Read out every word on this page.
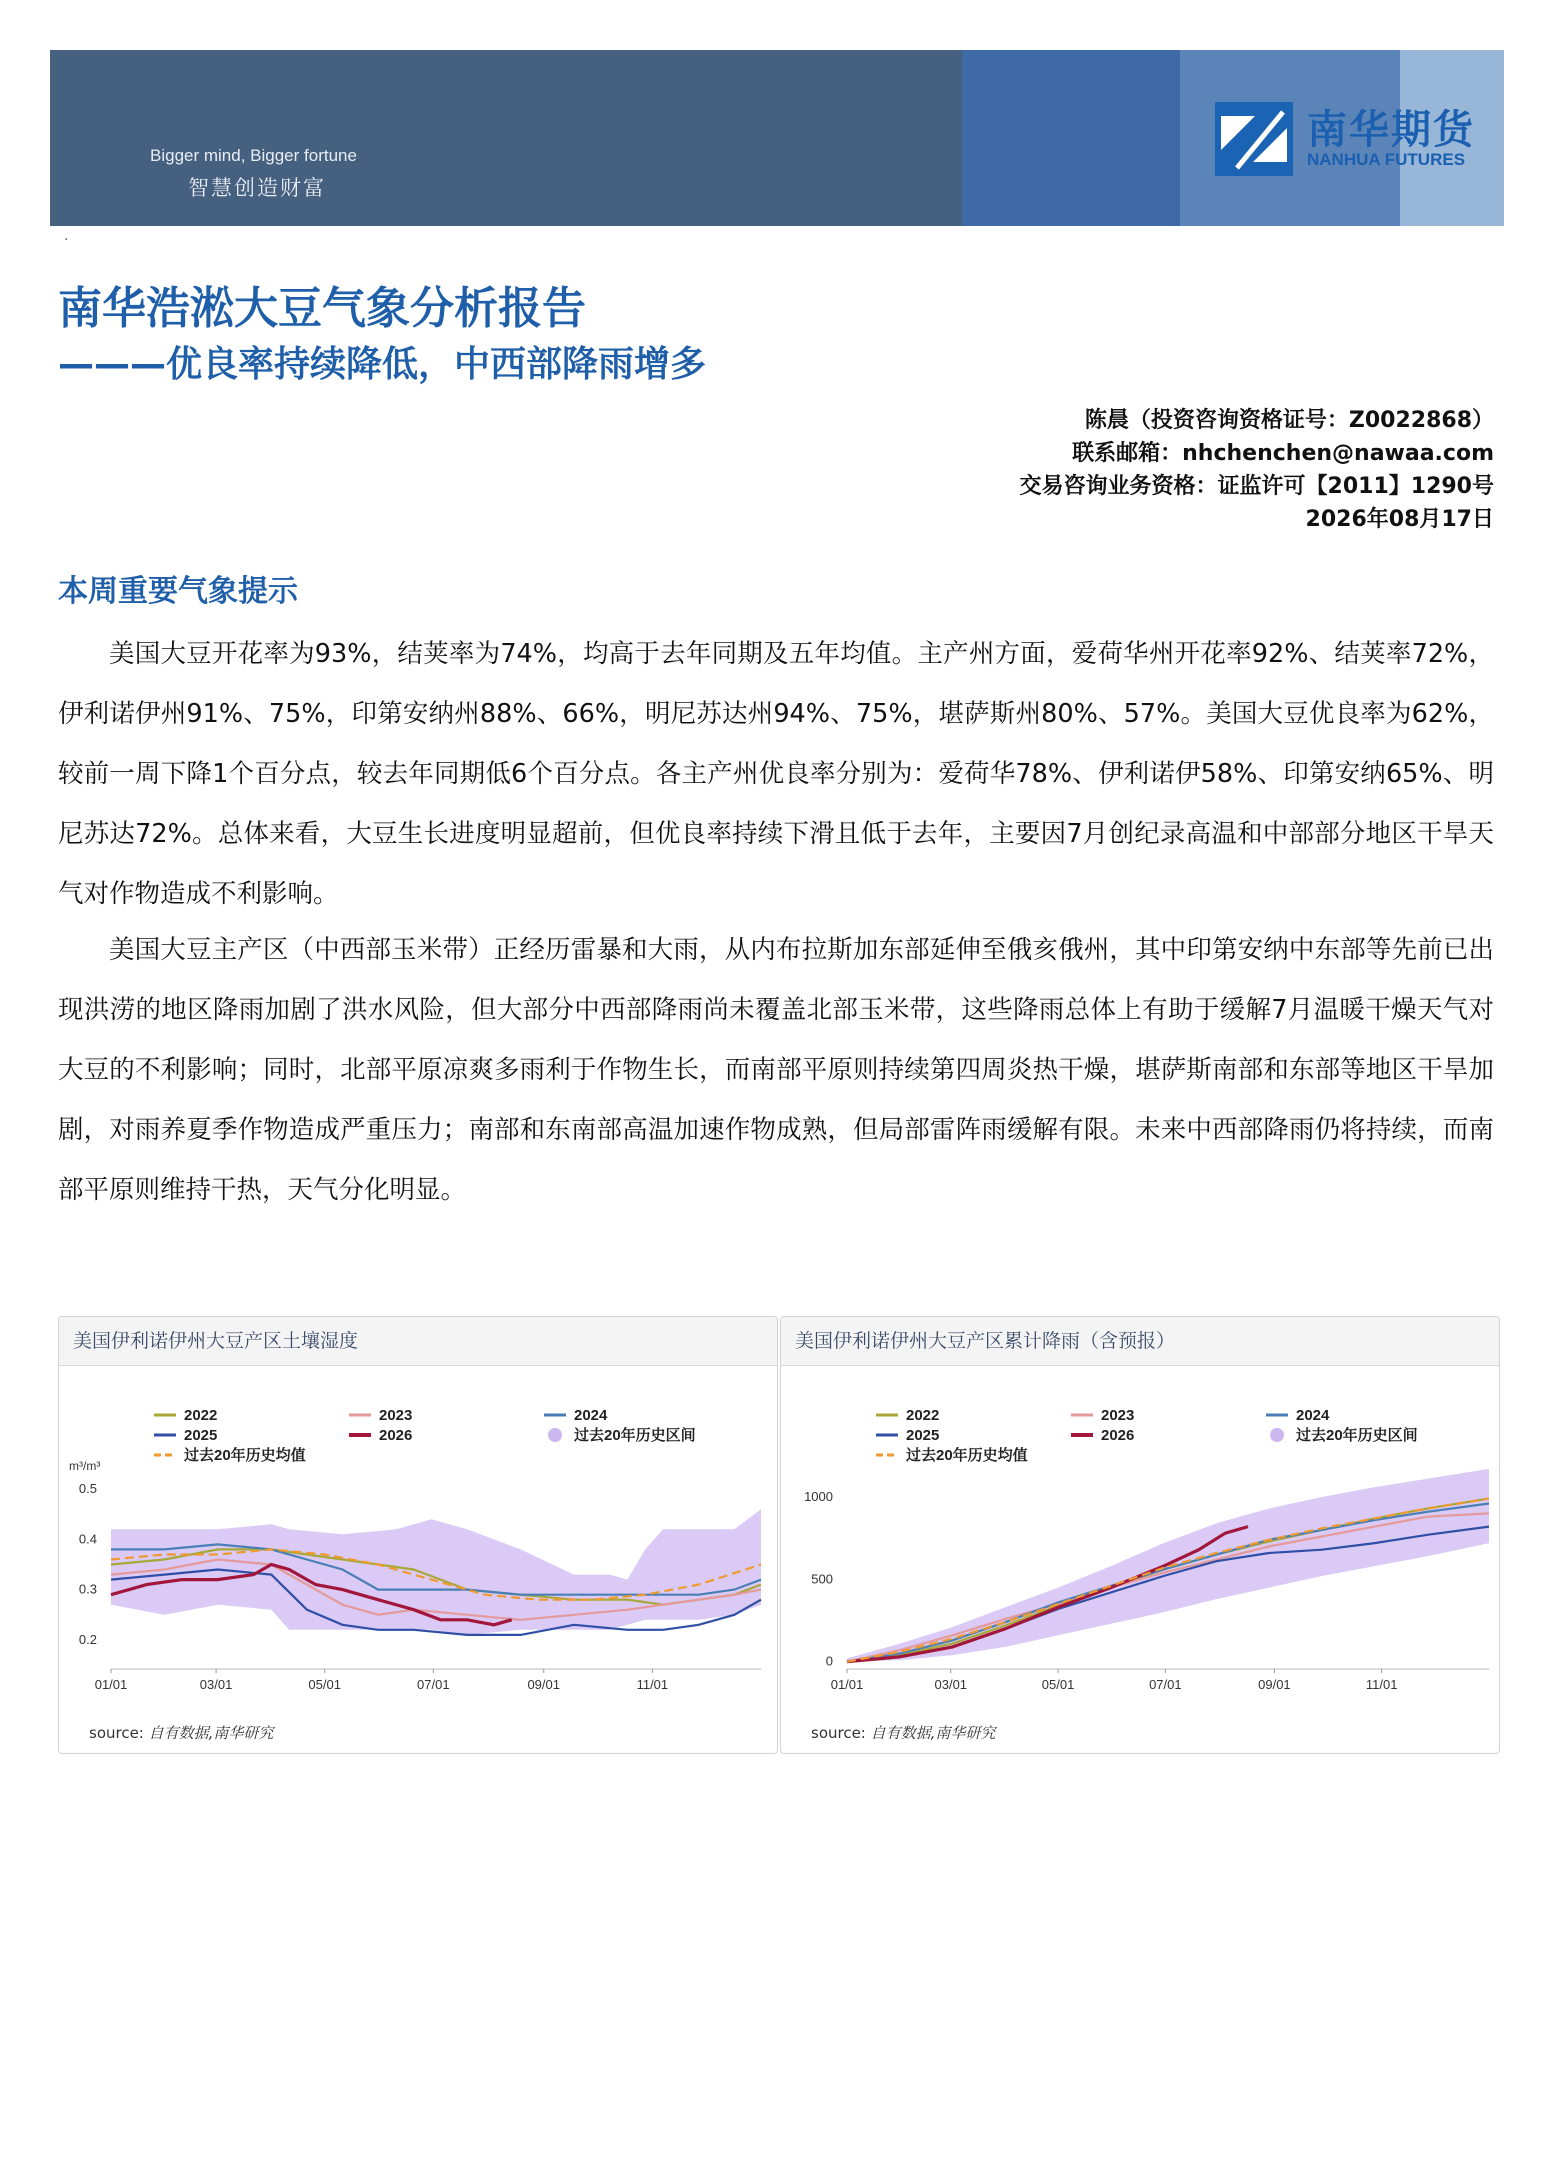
Bigger mind, Bigger fortune
智慧创造财富
南华期货
NANHUA FUTURES
·
南华浩淞大豆气象分析报告
———优良率持续降低，中西部降雨增多
陈晨（投资咨询资格证号：Z0022868）
联系邮箱：nhchenchen@nawaa.com
交易咨询业务资格：证监许可【2011】1290号
2026年08月17日
本周重要气象提示
美国大豆开花率为93%，结荚率为74%，均高于去年同期及五年均值。主产州方面，爱荷华州开花率92%、结荚率72%，伊利诺伊州91%、75%，印第安纳州88%、66%，明尼苏达州94%、75%，堪萨斯州80%、57%。美国大豆优良率为62%，较前一周下降1个百分点，较去年同期低6个百分点。各主产州优良率分别为：爱荷华78%、伊利诺伊58%、印第安纳65%、明尼苏达72%。总体来看，大豆生长进度明显超前，但优良率持续下滑且低于去年，主要因7月创纪录高温和中部部分地区干旱天气对作物造成不利影响。
美国大豆主产区（中西部玉米带）正经历雷暴和大雨，从内布拉斯加东部延伸至俄亥俄州，其中印第安纳中东部等先前已出现洪涝的地区降雨加剧了洪水风险，但大部分中西部降雨尚未覆盖北部玉米带，这些降雨总体上有助于缓解7月温暖干燥天气对大豆的不利影响；同时，北部平原凉爽多雨利于作物生长，而南部平原则持续第四周炎热干燥，堪萨斯南部和东部等地区干旱加剧，对雨养夏季作物造成严重压力；南部和东南部高温加速作物成熟，但局部雷阵雨缓解有限。未来中西部降雨仍将持续，而南部平原则维持干热，天气分化明显。
美国伊利诺伊州大豆产区土壤湿度
2022	2023	2024
2025	2026	过去20年历史区间
过去20年历史均值
m³/m³
0.2
0.3
0.4
0.5
01/01	03/01	05/01	07/01	09/01	11/01
source: 自有数据,南华研究
美国伊利诺伊州大豆产区累计降雨（含预报）
2022	2023	2024
2025	2026	过去20年历史区间
过去20年历史均值
0
500
1000
01/01	03/01	05/01	07/01	09/01	11/01
source: 自有数据,南华研究
